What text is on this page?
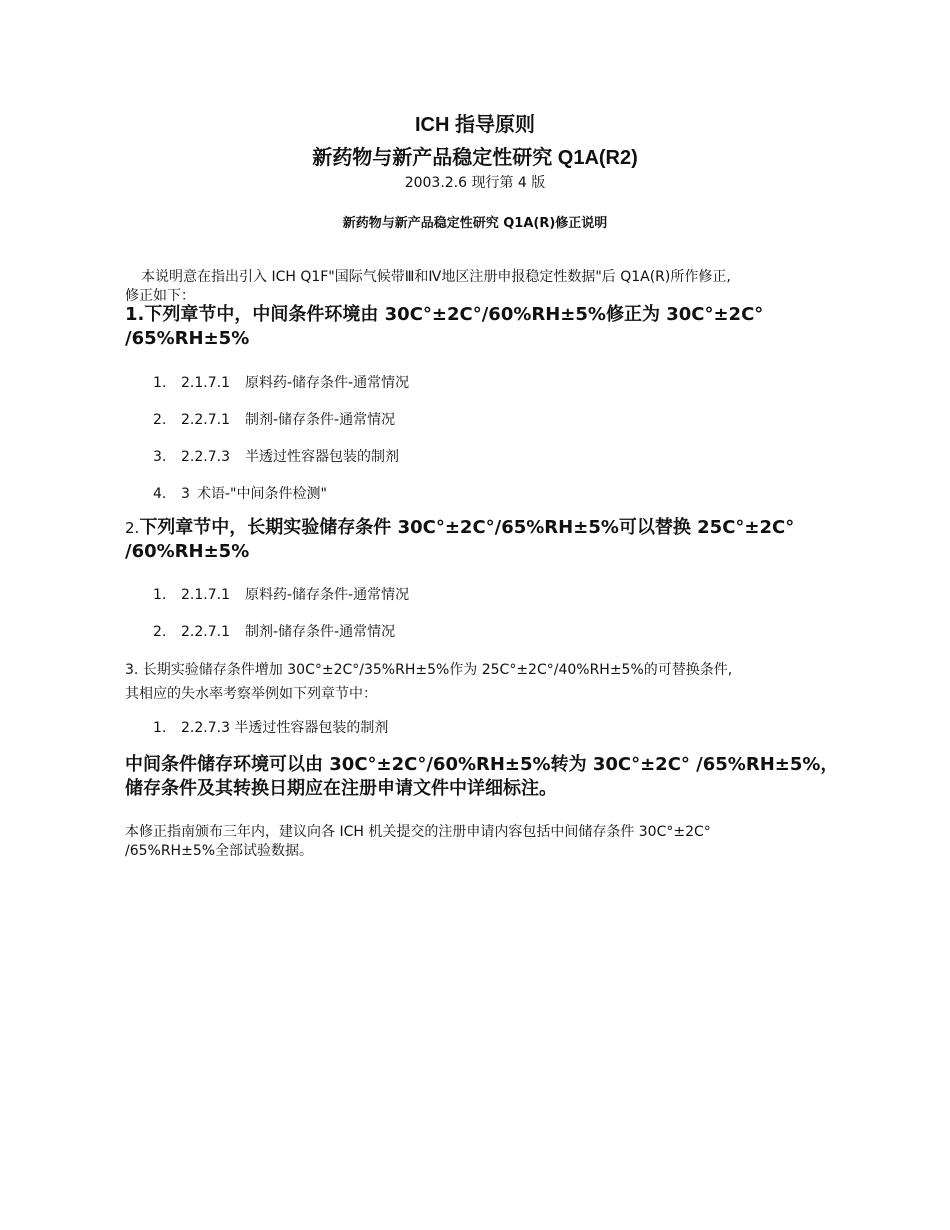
ICH 指导原则
新药物与新产品稳定性研究 Q1A(R2)
2003.2.6 现行第 4 版
新药物与新产品稳定性研究 Q1A(R)修正说明
本说明意在指出引入 ICH Q1F"国际气候带Ⅲ和Ⅳ地区注册申报稳定性数据"后 Q1A(R)所作修正,
修正如下：
1.下列章节中，中间条件环境由 30C°±2C°/60%RH±5%修正为 30C°±2C° /65%RH±5%
1. 2.1.7.1 原料药-储存条件-通常情况
2. 2.2.7.1 制剂-储存条件-通常情况
3. 2.2.7.3 半透过性容器包装的制剂
4. 3 术语-"中间条件检测"
2.下列章节中，长期实验储存条件 30C°±2C°/65%RH±5%可以替换 25C°±2C° /60%RH±5%
1. 2.1.7.1 原料药-储存条件-通常情况
2. 2.2.7.1 制剂-储存条件-通常情况
3. 长期实验储存条件增加 30C°±2C°/35%RH±5%作为 25C°±2C°/40%RH±5%的可替换条件,
其相应的失水率考察举例如下列章节中：
1. 2.2.7.3 半透过性容器包装的制剂
中间条件储存环境可以由 30C°±2C°/60%RH±5%转为 30C°±2C° /65%RH±5%，储存条件及其转换日期应在注册申请文件中详细标注。
本修正指南颁布三年内，建议向各 ICH 机关提交的注册申请内容包括中间储存条件 30C°±2C° /65%RH±5%全部试验数据。
